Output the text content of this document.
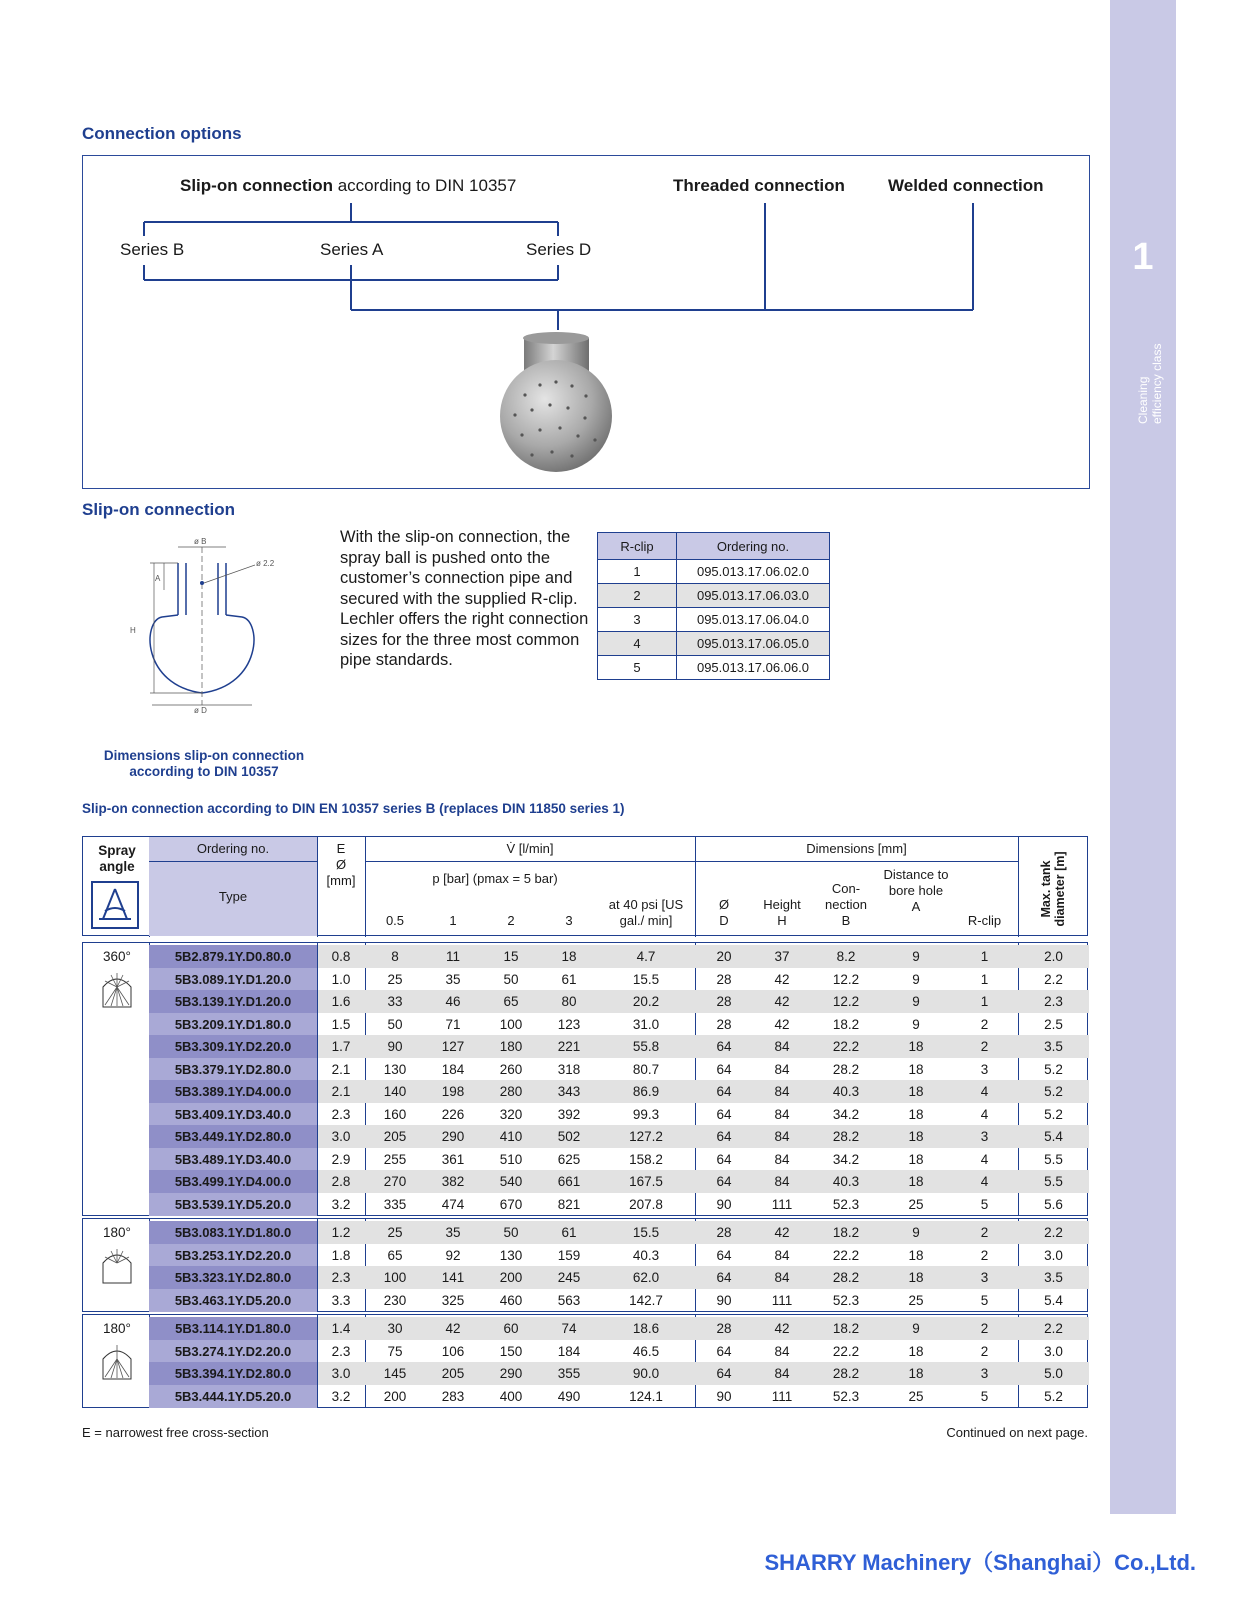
1
Cleaning efficiency class
Connection options
Slip-on connection according to DIN 10357	Threaded connection	Welded connection
Series B	Series A	Series D
Slip-on connection
ø B
ø D
ø 2.2
A
H
With the slip-on connection, the spray ball is pushed onto the customer’s connection pipe and secured with the supplied R-clip. Lechler offers the right connection sizes for the three most common pipe standards.
R-clip	Ordering no.
1	095.013.17.06.02.0
2	095.013.17.06.03.0
3	095.013.17.06.04.0
4	095.013.17.06.05.0
5	095.013.17.06.06.0
Dimensions slip-on connection according to DIN 10357
Slip-on connection according to DIN EN 10357 series B (replaces DIN 11850 series 1)
Spray angle
Ordering no.
Type
E
Ø
[mm]
V̇ [l/min]
p [bar] (pmax = 5 bar)
0.5	1	2	3
at 40 psi [US gal./ min]
Dimensions [mm]
Ø
D
Height
H
Con-nection
B
Distance to bore hole
A
R-clip
Max. tank diameter [m]
360°	5B2.879.1Y.D0.80.0	0.8	8	11	15	18	4.7	20	37	8.2	9	1	2.0
5B3.089.1Y.D1.20.0	1.0	25	35	50	61	15.5	28	42	12.2	9	1	2.2
5B3.139.1Y.D1.20.0	1.6	33	46	65	80	20.2	28	42	12.2	9	1	2.3
5B3.209.1Y.D1.80.0	1.5	50	71	100	123	31.0	28	42	18.2	9	2	2.5
5B3.309.1Y.D2.20.0	1.7	90	127	180	221	55.8	64	84	22.2	18	2	3.5
5B3.379.1Y.D2.80.0	2.1	130	184	260	318	80.7	64	84	28.2	18	3	5.2
5B3.389.1Y.D4.00.0	2.1	140	198	280	343	86.9	64	84	40.3	18	4	5.2
5B3.409.1Y.D3.40.0	2.3	160	226	320	392	99.3	64	84	34.2	18	4	5.2
5B3.449.1Y.D2.80.0	3.0	205	290	410	502	127.2	64	84	28.2	18	3	5.4
5B3.489.1Y.D3.40.0	2.9	255	361	510	625	158.2	64	84	34.2	18	4	5.5
5B3.499.1Y.D4.00.0	2.8	270	382	540	661	167.5	64	84	40.3	18	4	5.5
5B3.539.1Y.D5.20.0	3.2	335	474	670	821	207.8	90	111	52.3	25	5	5.6
180°	5B3.083.1Y.D1.80.0	1.2	25	35	50	61	15.5	28	42	18.2	9	2	2.2
5B3.253.1Y.D2.20.0	1.8	65	92	130	159	40.3	64	84	22.2	18	2	3.0
5B3.323.1Y.D2.80.0	2.3	100	141	200	245	62.0	64	84	28.2	18	3	3.5
5B3.463.1Y.D5.20.0	3.3	230	325	460	563	142.7	90	111	52.3	25	5	5.4
180°	5B3.114.1Y.D1.80.0	1.4	30	42	60	74	18.6	28	42	18.2	9	2	2.2
5B3.274.1Y.D2.20.0	2.3	75	106	150	184	46.5	64	84	22.2	18	2	3.0
5B3.394.1Y.D2.80.0	3.0	145	205	290	355	90.0	64	84	28.2	18	3	5.0
5B3.444.1Y.D5.20.0	3.2	200	283	400	490	124.1	90	111	52.3	25	5	5.2
E = narrowest free cross-section	Continued on next page.
SHARRY Machinery（Shanghai）Co.,Ltd.
